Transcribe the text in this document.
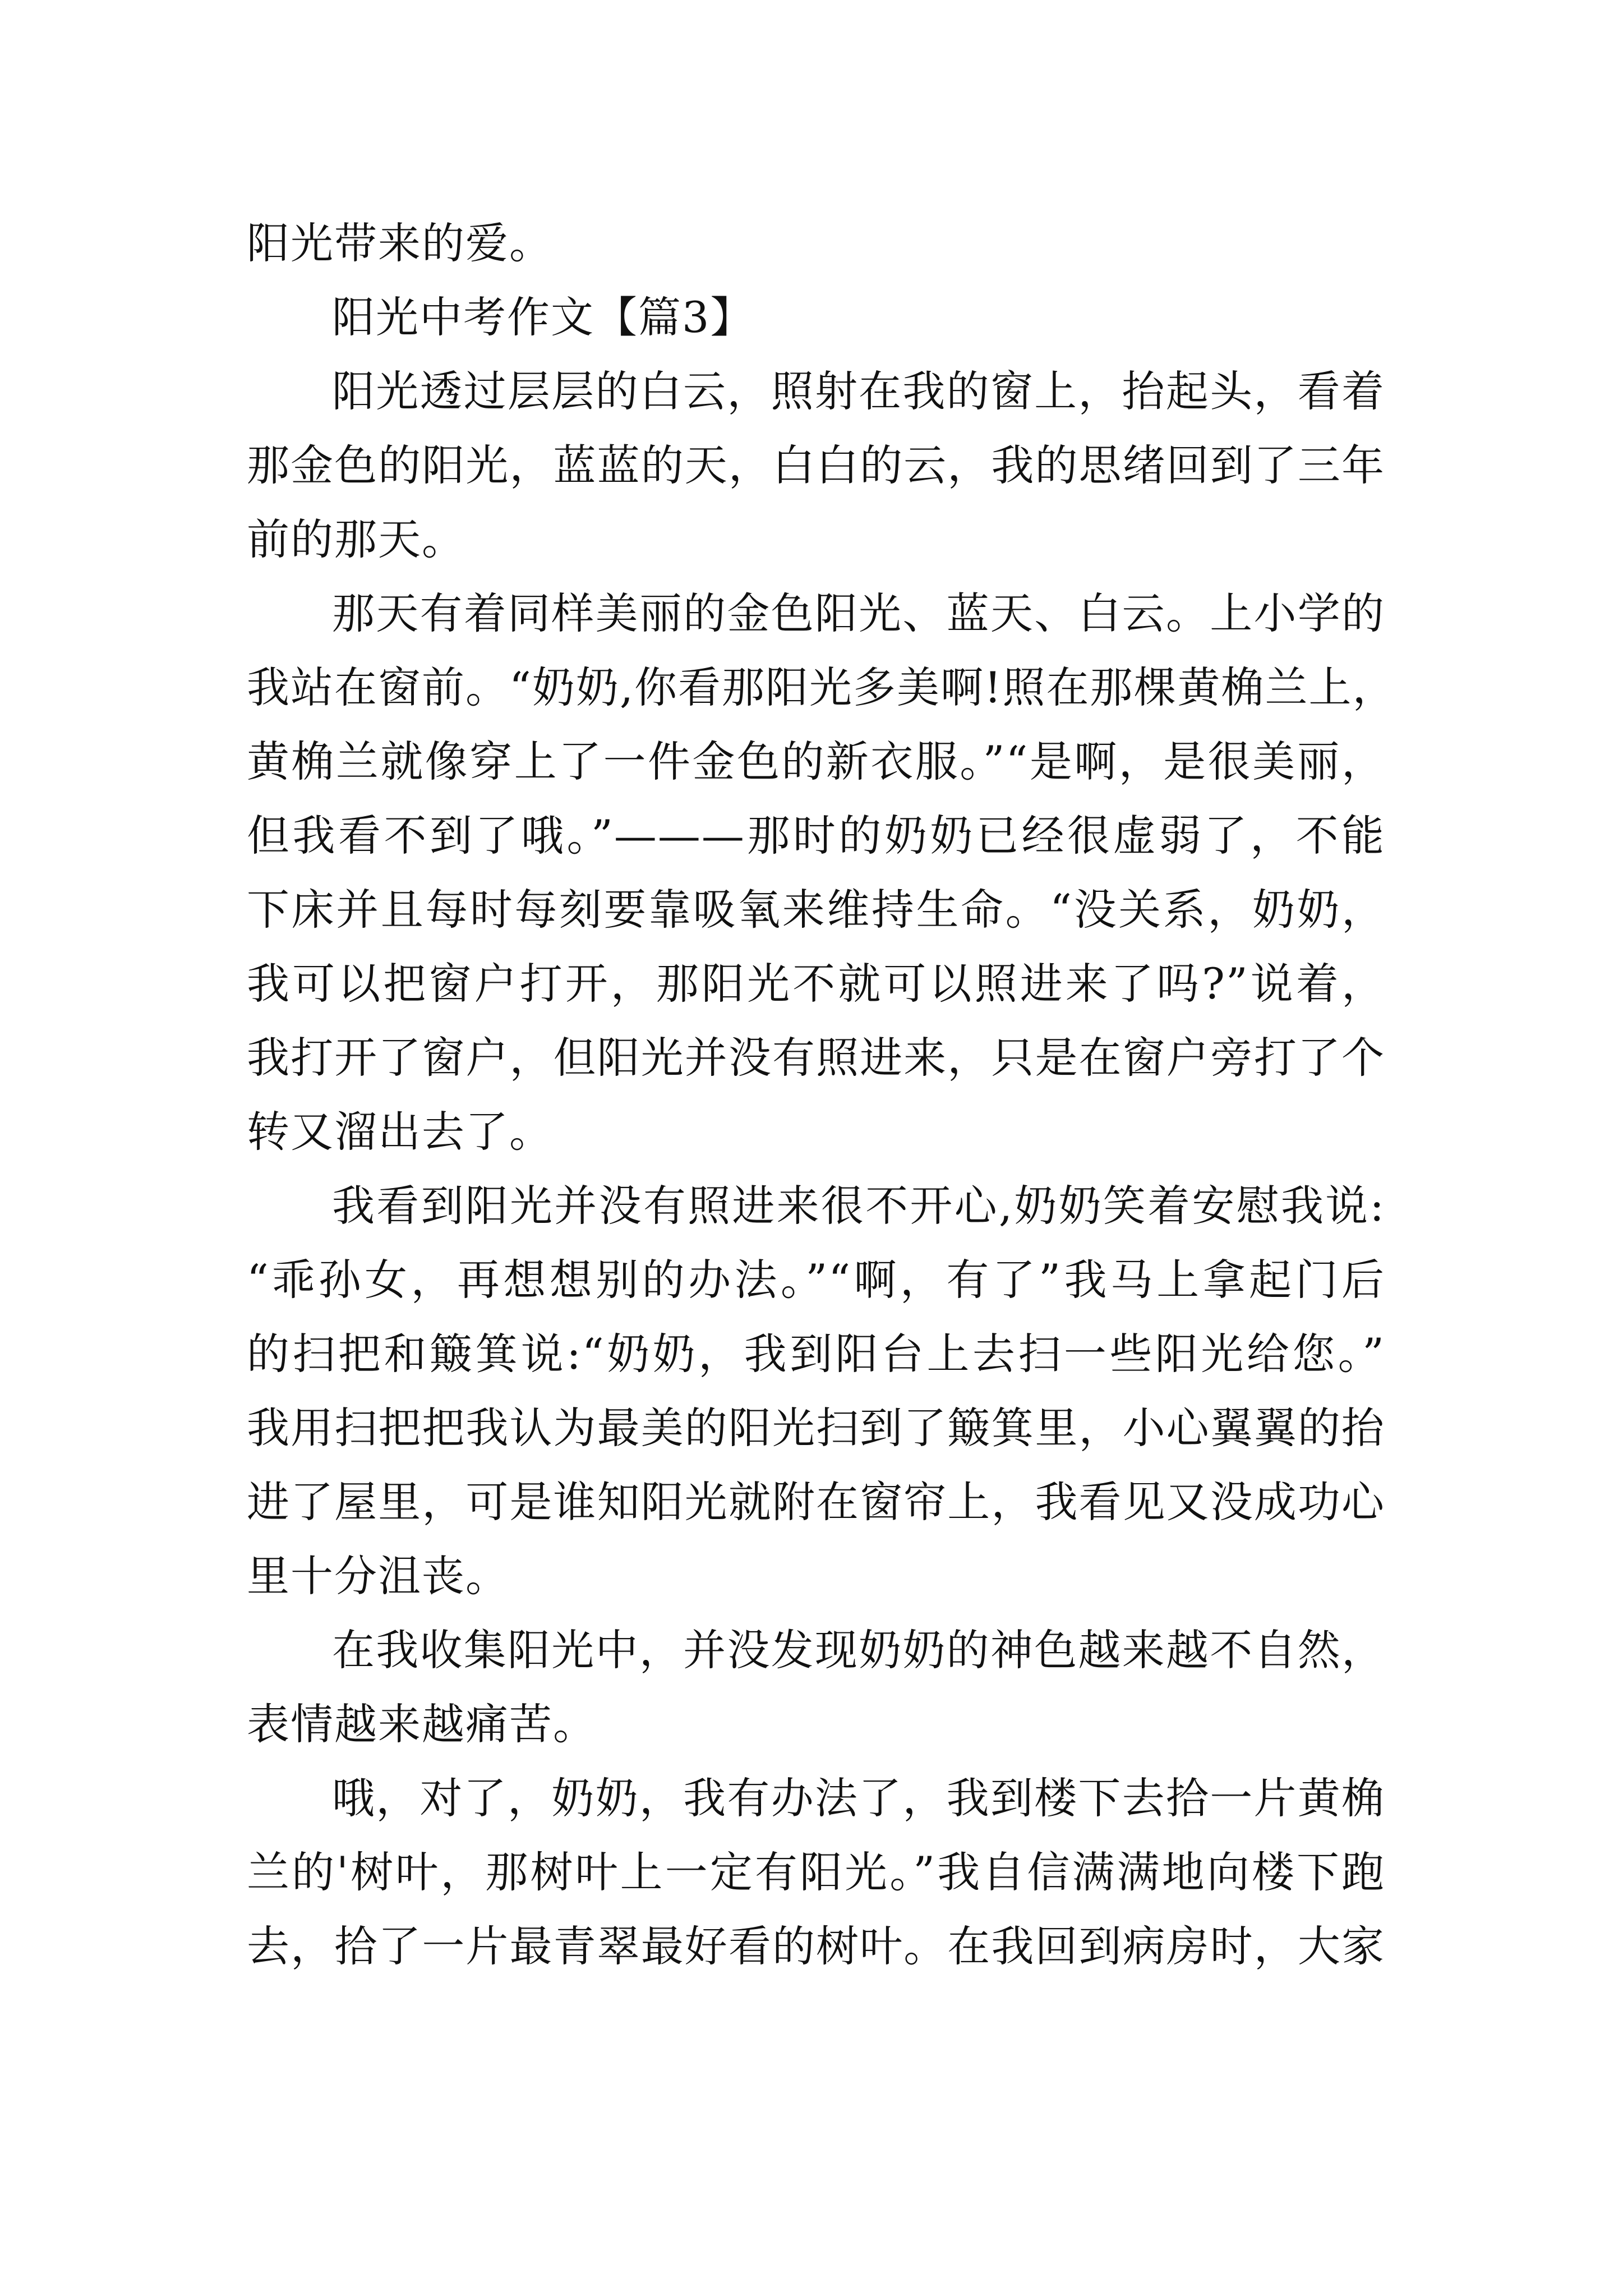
阳光带来的爱。
阳光中考作文【篇3】
阳光透过层层的白云，照射在我的窗上，抬起头，看着
那金色的阳光，蓝蓝的天，白白的云，我的思绪回到了三年
前的那天。
那天有着同样美丽的金色阳光、蓝天、白云。上小学的
我站在窗前。“奶奶,你看那阳光多美啊!照在那棵黄桷兰上，
黄桷兰就像穿上了一件金色的新衣服。”“是啊，是很美丽，
但我看不到了哦。”———那时的奶奶已经很虚弱了，不能
下床并且每时每刻要靠吸氧来维持生命。“没关系，奶奶，
我可以把窗户打开，那阳光不就可以照进来了吗?”说着，
我打开了窗户，但阳光并没有照进来，只是在窗户旁打了个
转又溜出去了。
我看到阳光并没有照进来很不开心,奶奶笑着安慰我说:
“乖孙女，再想想别的办法。”“啊，有了”我马上拿起门后
的扫把和簸箕说:“奶奶，我到阳台上去扫一些阳光给您。”
我用扫把把我认为最美的阳光扫到了簸箕里，小心翼翼的抬
进了屋里，可是谁知阳光就附在窗帘上，我看见又没成功心
里十分沮丧。
在我收集阳光中，并没发现奶奶的神色越来越不自然，
表情越来越痛苦。
哦，对了，奶奶，我有办法了，我到楼下去拾一片黄桷
兰的'树叶，那树叶上一定有阳光。”我自信满满地向楼下跑
去，拾了一片最青翠最好看的树叶。在我回到病房时，大家
